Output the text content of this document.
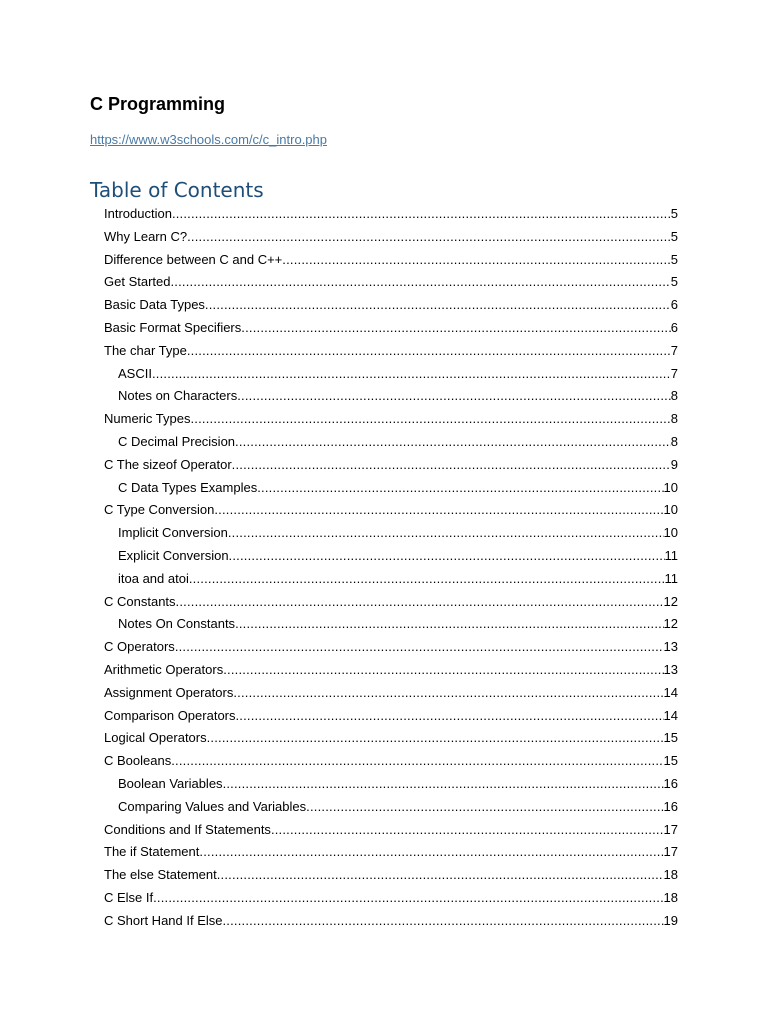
C Programming
https://www.w3schools.com/c/c_intro.php
Table of Contents
Introduction .....	5
Why Learn C? .....	5
Difference between C and C++ .....	5
Get Started .....	5
Basic Data Types .....	6
Basic Format Specifiers .....	6
The char Type .....	7
ASCII .....	7
Notes on Characters .....	8
Numeric Types .....	8
C Decimal Precision .....	8
C The sizeof Operator .....	9
C Data Types Examples .....	10
C Type Conversion .....	10
Implicit Conversion .....	10
Explicit Conversion .....	11
itoa and atoi .....	11
C Constants .....	12
Notes On Constants .....	12
C Operators .....	13
Arithmetic Operators .....	13
Assignment Operators .....	14
Comparison Operators .....	14
Logical Operators .....	15
C Booleans .....	15
Boolean Variables .....	16
Comparing Values and Variables .....	16
Conditions and If Statements .....	17
The if Statement .....	17
The else Statement .....	18
C Else If .....	18
C Short Hand If Else .....	19
